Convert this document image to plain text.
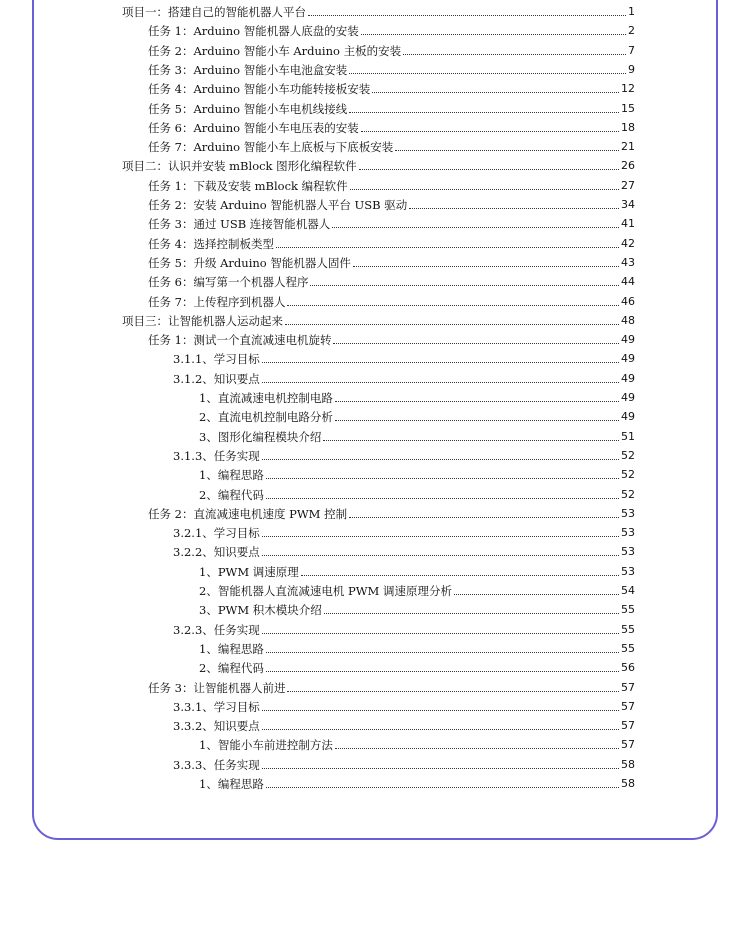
项目一：搭建自己的智能机器人平台	1
任务 1：Arduino 智能机器人底盘的安装	2
任务 2：Arduino 智能小车 Arduino 主板的安装	7
任务 3：Arduino 智能小车电池盒安装	9
任务 4：Arduino 智能小车功能转接板安装	12
任务 5：Arduino 智能小车电机线接线	15
任务 6：Arduino 智能小车电压表的安装	18
任务 7：Arduino 智能小车上底板与下底板安装	21
项目二：认识并安装 mBlock 图形化编程软件	26
任务 1：下载及安装 mBlock 编程软件	27
任务 2：安装 Arduino 智能机器人平台 USB 驱动	34
任务 3：通过 USB 连接智能机器人	41
任务 4：选择控制板类型	42
任务 5：升级 Arduino 智能机器人固件	43
任务 6：编写第一个机器人程序	44
任务 7：上传程序到机器人	46
项目三：让智能机器人运动起来	48
任务 1：测试一个直流减速电机旋转	49
3.1.1、学习目标	49
3.1.2、知识要点	49
1、直流减速电机控制电路	49
2、直流电机控制电路分析	49
3、图形化编程模块介绍	51
3.1.3、任务实现	52
1、编程思路	52
2、编程代码	52
任务 2：直流减速电机速度 PWM 控制	53
3.2.1、学习目标	53
3.2.2、知识要点	53
1、PWM 调速原理	53
2、智能机器人直流减速电机 PWM 调速原理分析	54
3、PWM 积木模块介绍	55
3.2.3、任务实现	55
1、编程思路	55
2、编程代码	56
任务 3：让智能机器人前进	57
3.3.1、学习目标	57
3.3.2、知识要点	57
1、智能小车前进控制方法	57
3.3.3、任务实现	58
1、编程思路	58
